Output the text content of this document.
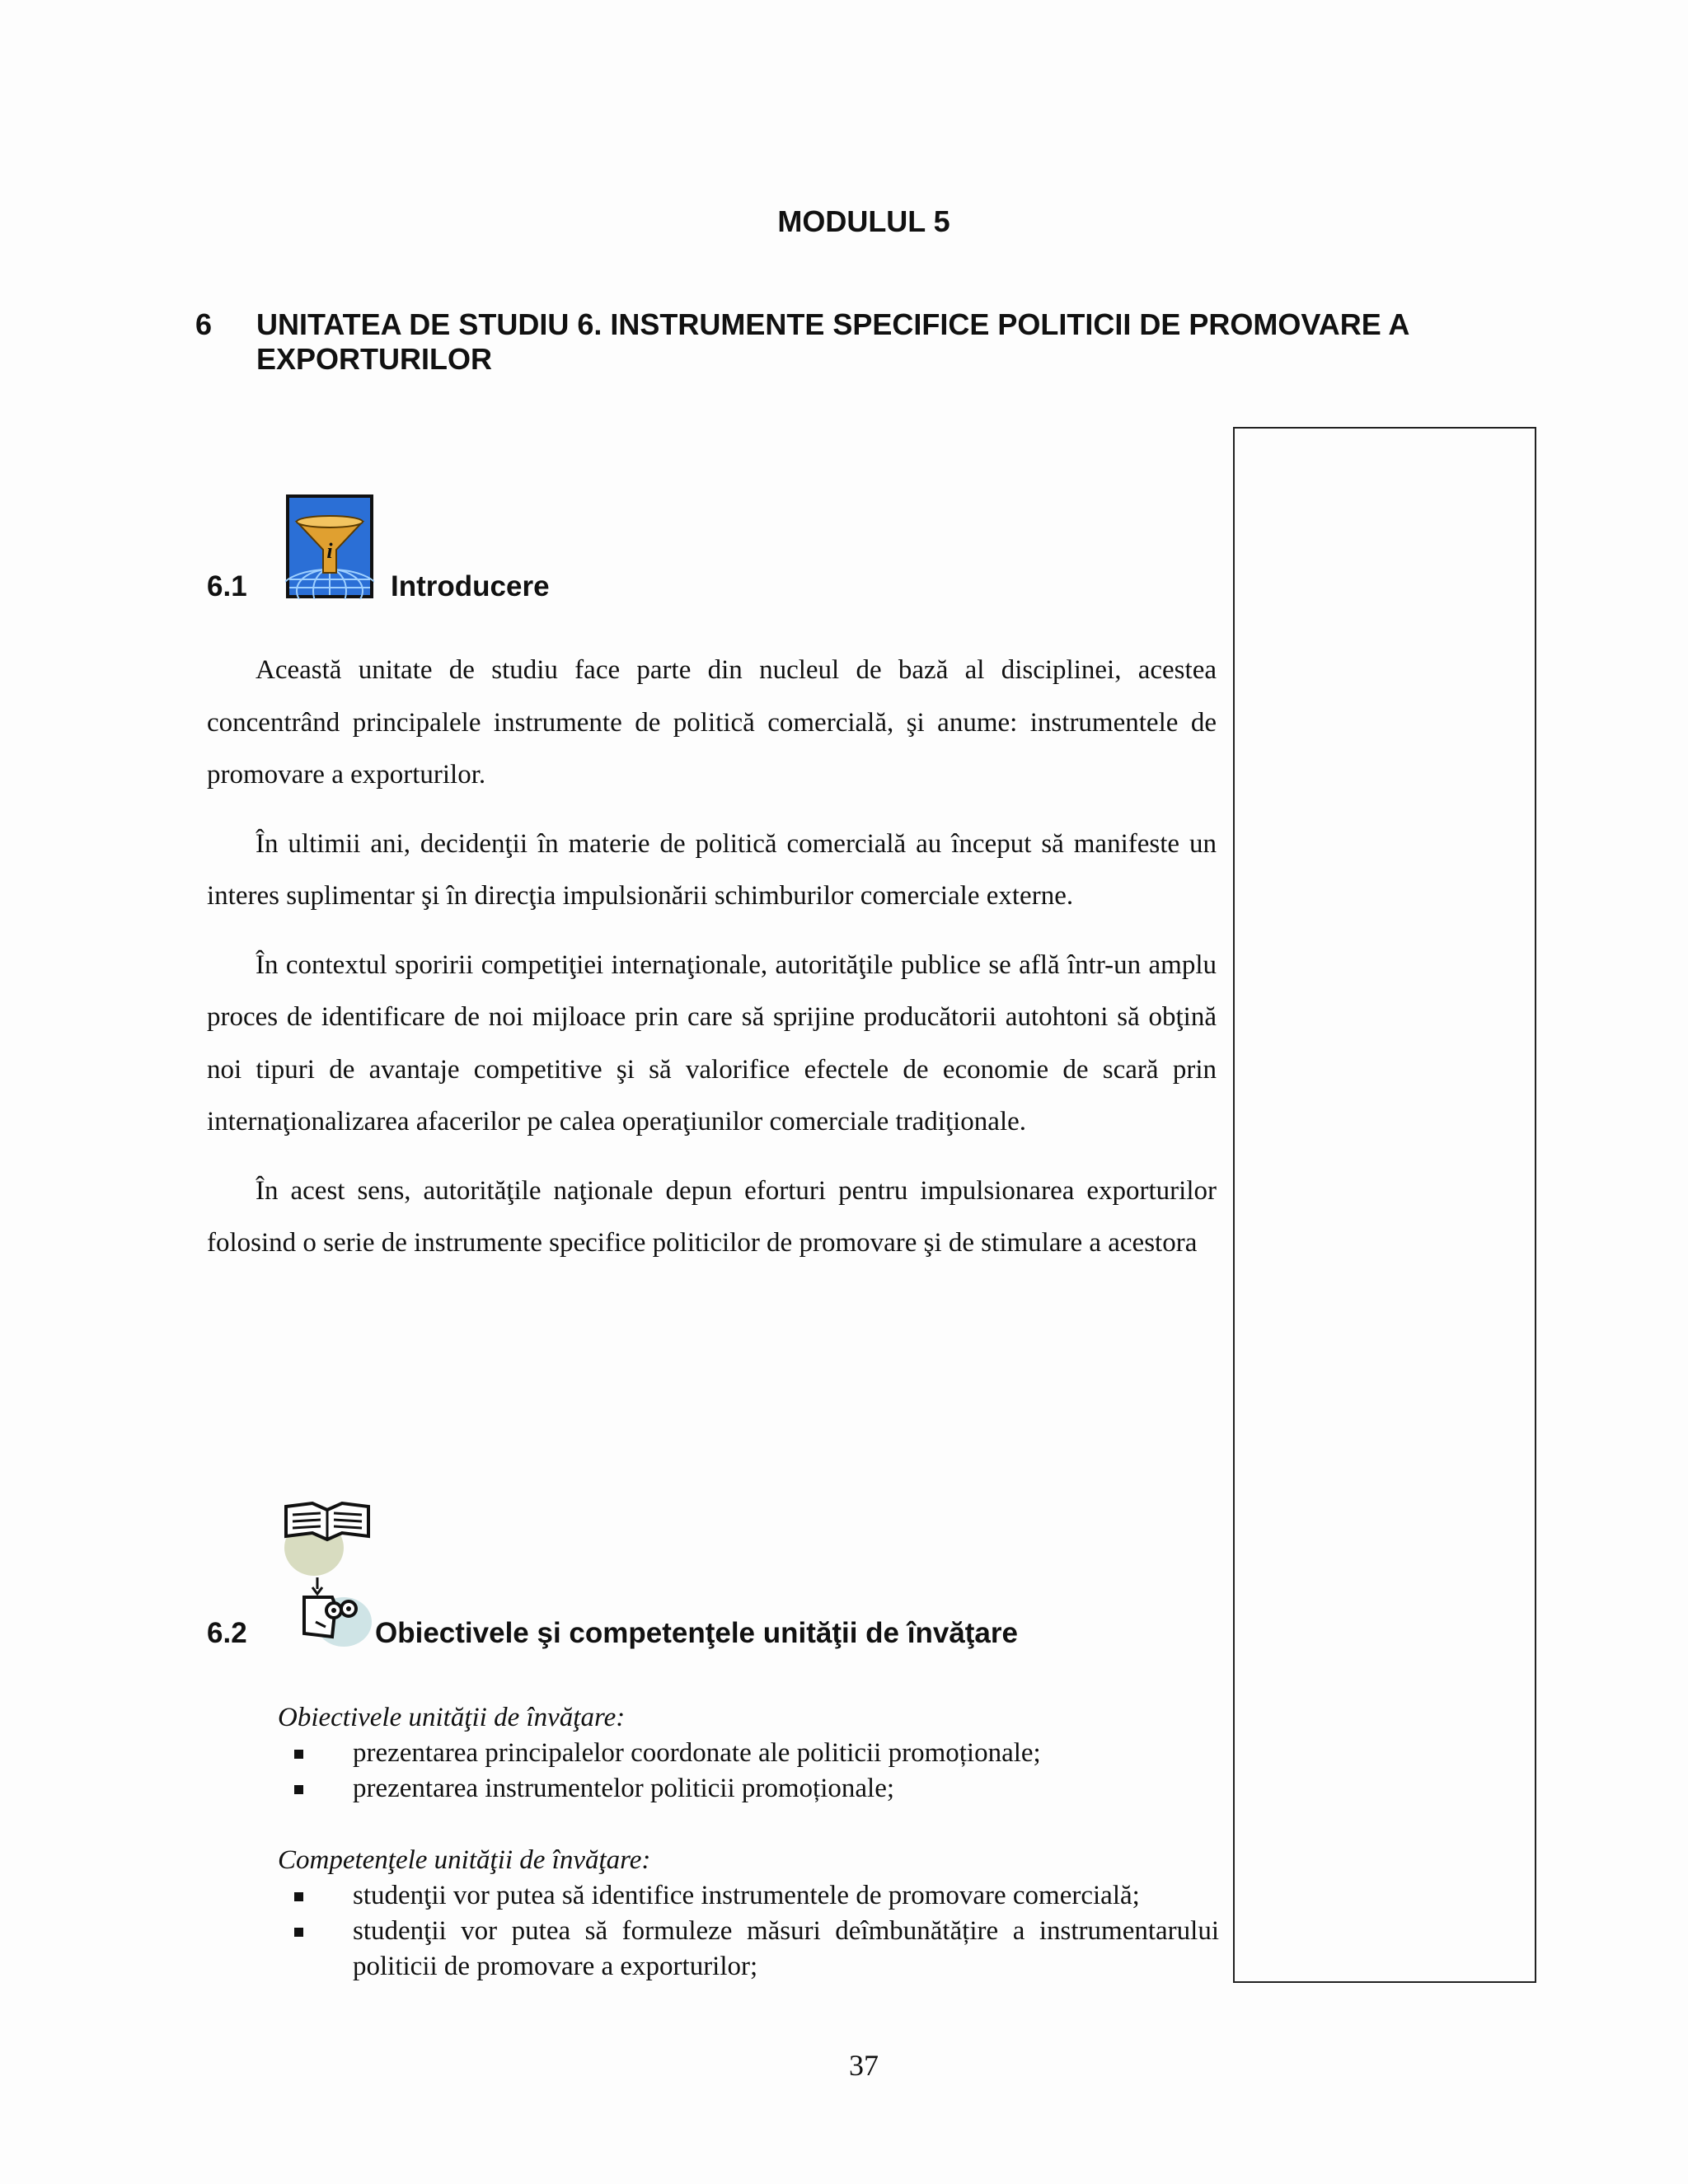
MODULUL 5
6 UNITATEA DE STUDIU 6. INSTRUMENTE SPECIFICE POLITICII DE PROMOVARE A EXPORTURILOR
i
6.1	Introducere

Această unitate de studiu face parte din nucleul de bază al disciplinei, acestea concentrând principalele instrumente de politică comercială, şi anume: instrumentele de promovare a exporturilor.

În ultimii ani, decidenţii în materie de politică comercială au început să manifeste un interes suplimentar şi în direcţia impulsionării schimburilor comerciale externe.

În contextul sporirii competiţiei internaţionale, autorităţile publice se află într-un amplu proces de identificare de noi mijloace prin care să sprijine producătorii autohtoni să obţină noi tipuri de avantaje competitive şi să valorifice efectele de economie de scară prin internaţionalizarea afacerilor pe calea operaţiunilor comerciale tradiţionale.

În acest sens, autorităţile naţionale depun eforturi pentru impulsionarea exporturilor folosind o serie de instrumente specifice politicilor de promovare şi de stimulare a acestora

6.2	Obiectivele şi competenţele unităţii de învăţare
Obiectivele unităţii de învăţare:
prezentarea principalelor coordonate ale politicii promoționale;
prezentarea instrumentelor politicii promoționale;
Competenţele unităţii de învăţare:
studenţii vor putea să identifice instrumentele de promovare comercială;
studenţii vor putea să formuleze măsuri deîmbunătățire a instrumentarului politicii de promovare a exporturilor;
37
